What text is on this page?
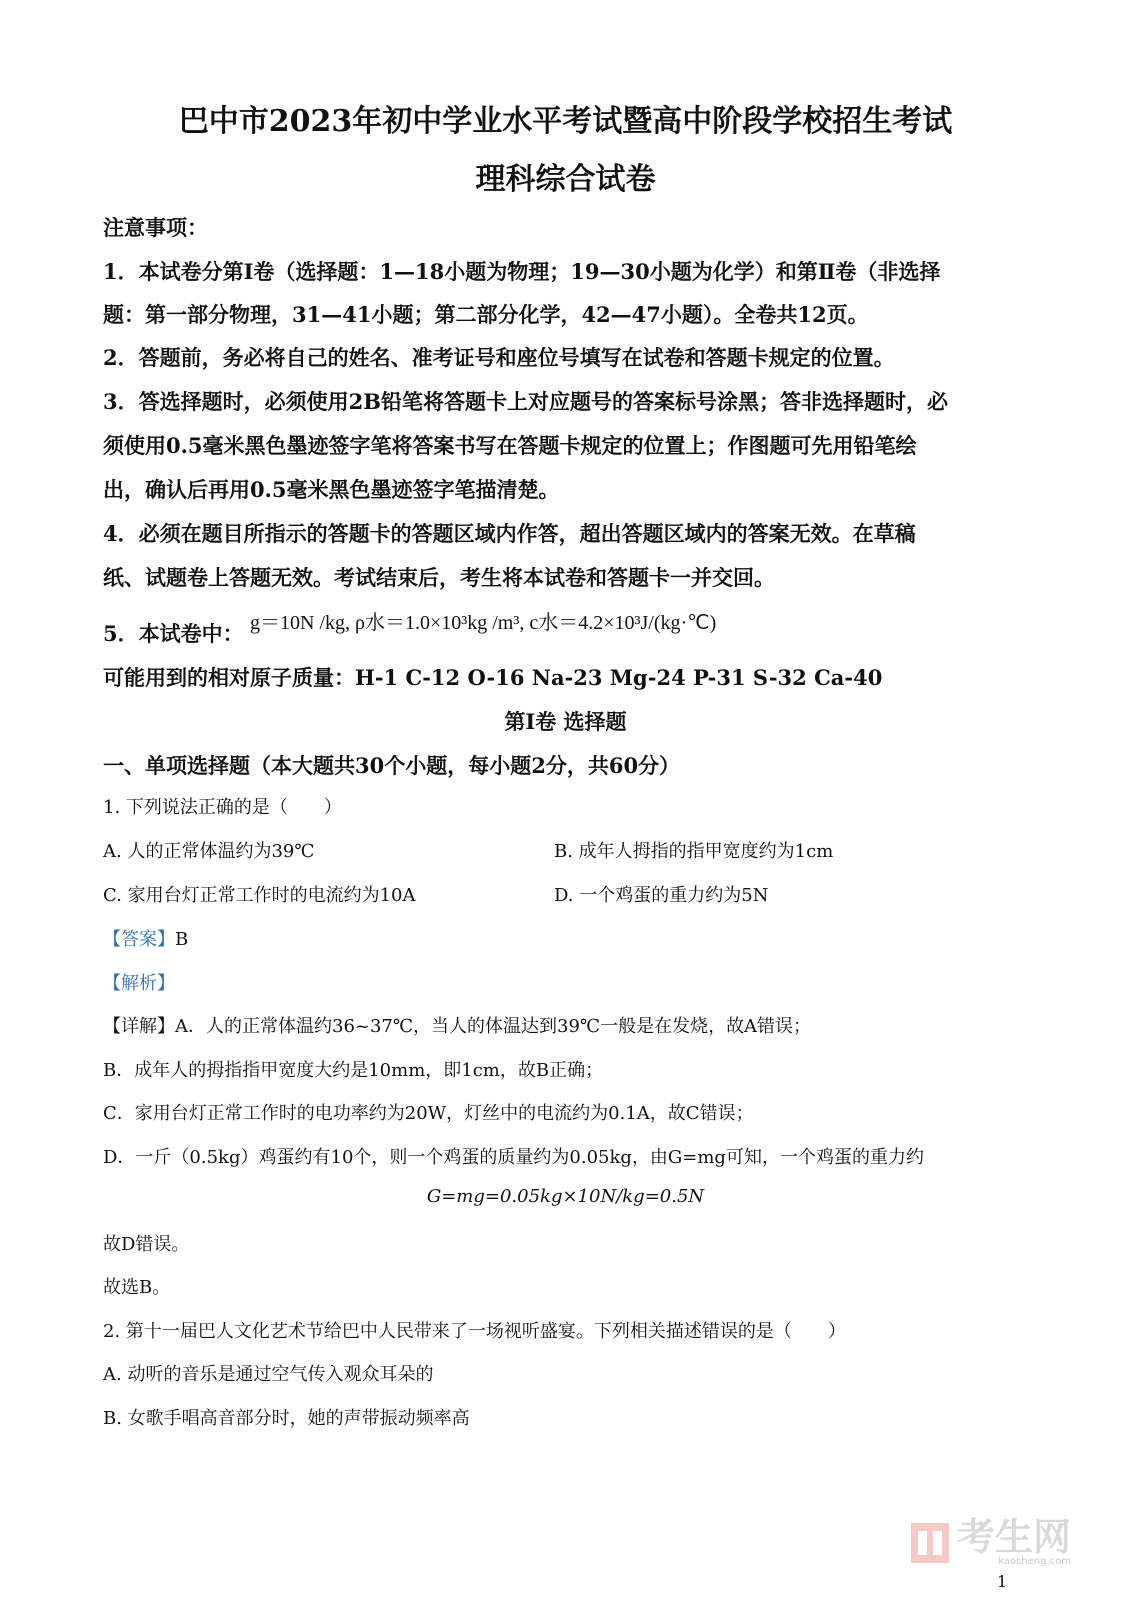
巴中市2023年初中学业水平考试暨高中阶段学校招生考试
理科综合试卷
注意事项：
1．本试卷分第Ⅰ卷（选择题：1—18小题为物理；19—30小题为化学）和第Ⅱ卷（非选择
题：第一部分物理，31—41小题；第二部分化学，42—47小题）。全卷共12页。
2．答题前，务必将自己的姓名、准考证号和座位号填写在试卷和答题卡规定的位置。
3．答选择题时，必须使用2B铅笔将答题卡上对应题号的答案标号涂黑；答非选择题时，必
须使用0.5毫米黑色墨迹签字笔将答案书写在答题卡规定的位置上；作图题可先用铅笔绘
出，确认后再用0.5毫米黑色墨迹签字笔描清楚。
4．必须在题目所指示的答题卡的答题区域内作答，超出答题区域内的答案无效。在草稿
纸、试题卷上答题无效。考试结束后，考生将本试卷和答题卡一并交回。
5．本试卷中： g＝10N /kg, ρ水＝1.0×10³kg /m³, c水＝4.2×10³J/(kg·℃)
可能用到的相对原子质量：H-1 C-12 O-16 Na-23 Mg-24 P-31 S-32 Ca-40
第Ⅰ卷 选择题
一、单项选择题（本大题共30个小题，每小题2分，共60分）
1. 下列说法正确的是（　　）
A. 人的正常体温约为39℃	B. 成年人拇指的指甲宽度约为1cm
C. 家用台灯正常工作时的电流约为10A	D. 一个鸡蛋的重力约为5N
【答案】B
【解析】
【详解】A．人的正常体温约36~37℃，当人的体温达到39℃一般是在发烧，故A错误；
B．成年人的拇指指甲宽度大约是10mm，即1cm，故B正确；
C．家用台灯正常工作时的电功率约为20W，灯丝中的电流约为0.1A，故C错误；
D．一斤（0.5kg）鸡蛋约有10个，则一个鸡蛋的质量约为0.05kg，由G=mg可知，一个鸡蛋的重力约
G=mg=0.05kg×10N/kg=0.5N
故D错误。
故选B。
2. 第十一届巴人文化艺术节给巴中人民带来了一场视听盛宴。下列相关描述错误的是（　　）
A. 动听的音乐是通过空气传入观众耳朵的
B. 女歌手唱高音部分时，她的声带振动频率高
考生网
kaosheng.com
1
